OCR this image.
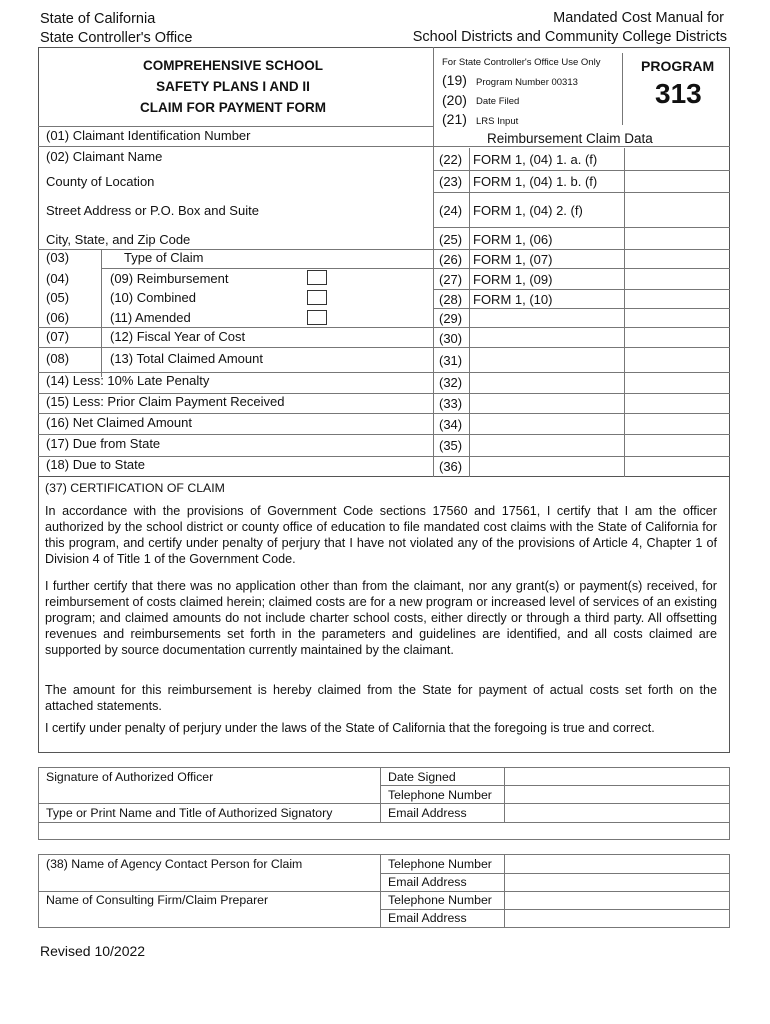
State of California
State Controller's Office
Mandated Cost Manual for
School Districts and Community College Districts
COMPREHENSIVE SCHOOL
SAFETY PLANS I AND II
CLAIM FOR PAYMENT FORM
For State Controller's Office Use Only
(19) Program Number 00313
(20) Date Filed
(21) LRS Input
PROGRAM
313
(01) Claimant Identification Number
(02) Claimant Name
County of Location
Street Address or P.O. Box and Suite
City, State, and Zip Code
(03)	Type of Claim
(04)	(09) Reimbursement
(05)	(10) Combined
(06)	(11) Amended
(07)	(12) Fiscal Year of Cost
(08)	(13) Total Claimed Amount
(14) Less: 10% Late Penalty
(15) Less: Prior Claim Payment Received
(16) Net Claimed Amount
(17) Due from State
(18) Due to State
Reimbursement Claim Data
(22) FORM 1, (04) 1. a. (f)
(23) FORM 1, (04) 1. b. (f)
(24) FORM 1, (04) 2. (f)
(25) FORM 1, (06)
(26) FORM 1, (07)
(27) FORM 1, (09)
(28) FORM 1, (10)
(29)
(30)
(31)
(32)
(33)
(34)
(35)
(36)
(37) CERTIFICATION OF CLAIM
In accordance with the provisions of Government Code sections 17560 and 17561, I certify that I am the officer authorized by the school district or county office of education to file mandated cost claims with the State of California for this program, and certify under penalty of perjury that I have not violated any of the provisions of Article 4, Chapter 1 of Division 4 of Title 1 of the Government Code.
I further certify that there was no application other than from the claimant, nor any grant(s) or payment(s) received, for reimbursement of costs claimed herein; claimed costs are for a new program or increased level of services of an existing program; and claimed amounts do not include charter school costs, either directly or through a third party. All offsetting revenues and reimbursements set forth in the parameters and guidelines are identified, and all costs claimed are supported by source documentation currently maintained by the claimant.
The amount for this reimbursement is hereby claimed from the State for payment of actual costs set forth on the attached statements.
I certify under penalty of perjury under the laws of the State of California that the foregoing is true and correct.
Signature of Authorized Officer	Date Signed
Telephone Number
Type or Print Name and Title of Authorized Signatory	Email Address
(38) Name of Agency Contact Person for Claim	Telephone Number
Email Address
Name of Consulting Firm/Claim Preparer	Telephone Number
Email Address
Revised 10/2022
